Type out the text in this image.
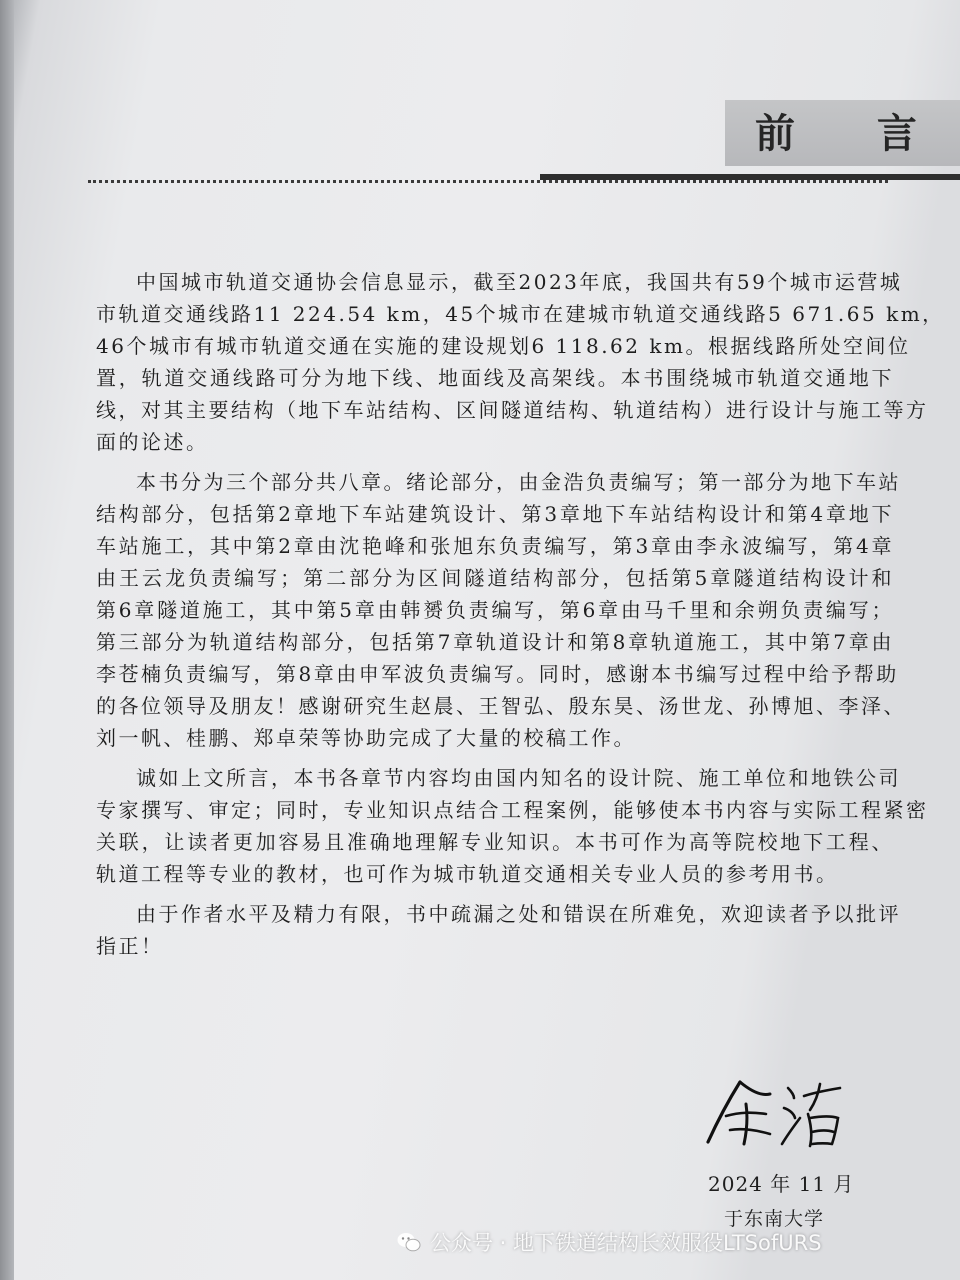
前 言

中国城市轨道交通协会信息显示，截至2023年底，我国共有59个城市运营城

市轨道交通线路11 224.54 km，45个城市在建城市轨道交通线路5 671.65 km，

46个城市有城市轨道交通在实施的建设规划6 118.62 km。根据线路所处空间位

置，轨道交通线路可分为地下线、地面线及高架线。本书围绕城市轨道交通地下

线，对其主要结构（地下车站结构、区间隧道结构、轨道结构）进行设计与施工等方

面的论述。

本书分为三个部分共八章。绪论部分，由金浩负责编写；第一部分为地下车站

结构部分，包括第2章地下车站建筑设计、第3章地下车站结构设计和第4章地下

车站施工，其中第2章由沈艳峰和张旭东负责编写，第3章由李永波编写，第4章

由王云龙负责编写；第二部分为区间隧道结构部分，包括第5章隧道结构设计和

第6章隧道施工，其中第5章由韩赟负责编写，第6章由马千里和余朔负责编写；

第三部分为轨道结构部分，包括第7章轨道设计和第8章轨道施工，其中第7章由

李苍楠负责编写，第8章由申军波负责编写。同时，感谢本书编写过程中给予帮助

的各位领导及朋友！感谢研究生赵晨、王智弘、殷东昊、汤世龙、孙博旭、李泽、

刘一帆、桂鹏、郑卓荣等协助完成了大量的校稿工作。

诚如上文所言，本书各章节内容均由国内知名的设计院、施工单位和地铁公司

专家撰写、审定；同时，专业知识点结合工程案例，能够使本书内容与实际工程紧密

关联，让读者更加容易且准确地理解专业知识。本书可作为高等院校地下工程、

轨道工程等专业的教材，也可作为城市轨道交通相关专业人员的参考用书。

由于作者水平及精力有限，书中疏漏之处和错误在所难免，欢迎读者予以批评

指正！

2024 年 11 月
于东南大学
公众号 · 地下铁道结构长效服役LTSofURS
